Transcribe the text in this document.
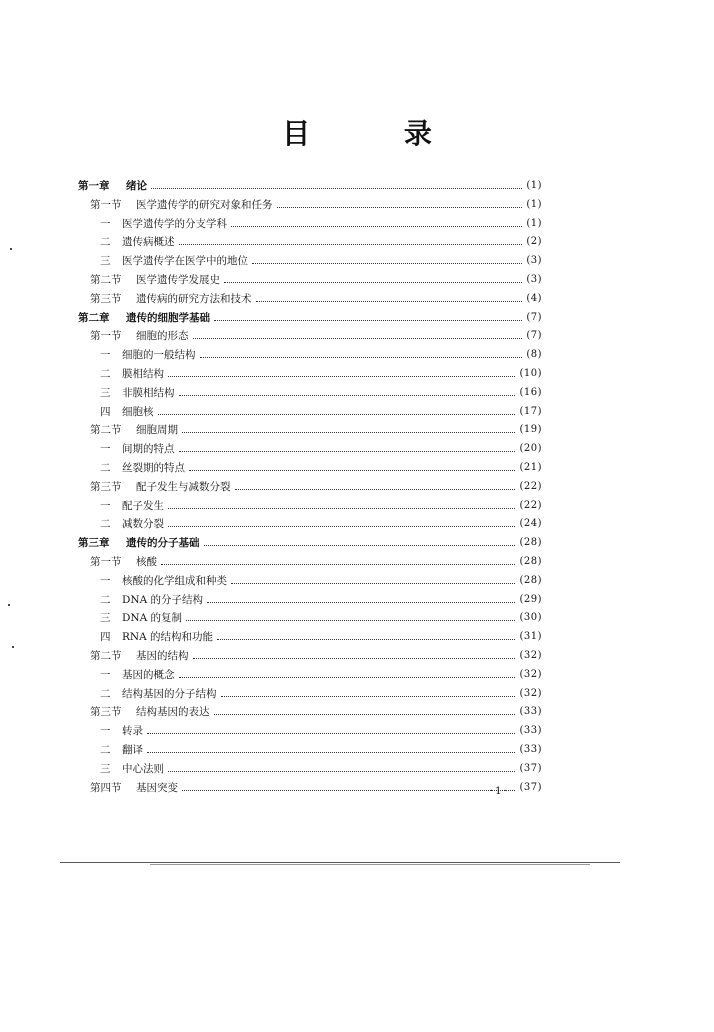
目 录
第一章	绪论	(1)
第一节	医学遗传学的研究对象和任务	(1)
一	医学遗传学的分支学科	(1)
二	遗传病概述	(2)
三	医学遗传学在医学中的地位	(3)
第二节	医学遗传学发展史	(3)
第三节	遗传病的研究方法和技术	(4)
第二章	遗传的细胞学基础	(7)
第一节	细胞的形态	(7)
一	细胞的一般结构	(8)
二	膜相结构	(10)
三	非膜相结构	(16)
四	细胞核	(17)
第二节	细胞周期	(19)
一	间期的特点	(20)
二	丝裂期的特点	(21)
第三节	配子发生与减数分裂	(22)
一	配子发生	(22)
二	减数分裂	(24)
第三章	遗传的分子基础	(28)
第一节	核酸	(28)
一	核酸的化学组成和种类	(28)
二	DNA 的分子结构	(29)
三	DNA 的复制	(30)
四	RNA 的结构和功能	(31)
第二节	基因的结构	(32)
一	基因的概念	(32)
二	结构基因的分子结构	(32)
第三节	结构基因的表达	(33)
一	转录	(33)
二	翻译	(33)
三	中心法则	(37)
第四节	基因突变	(37)
·1·
